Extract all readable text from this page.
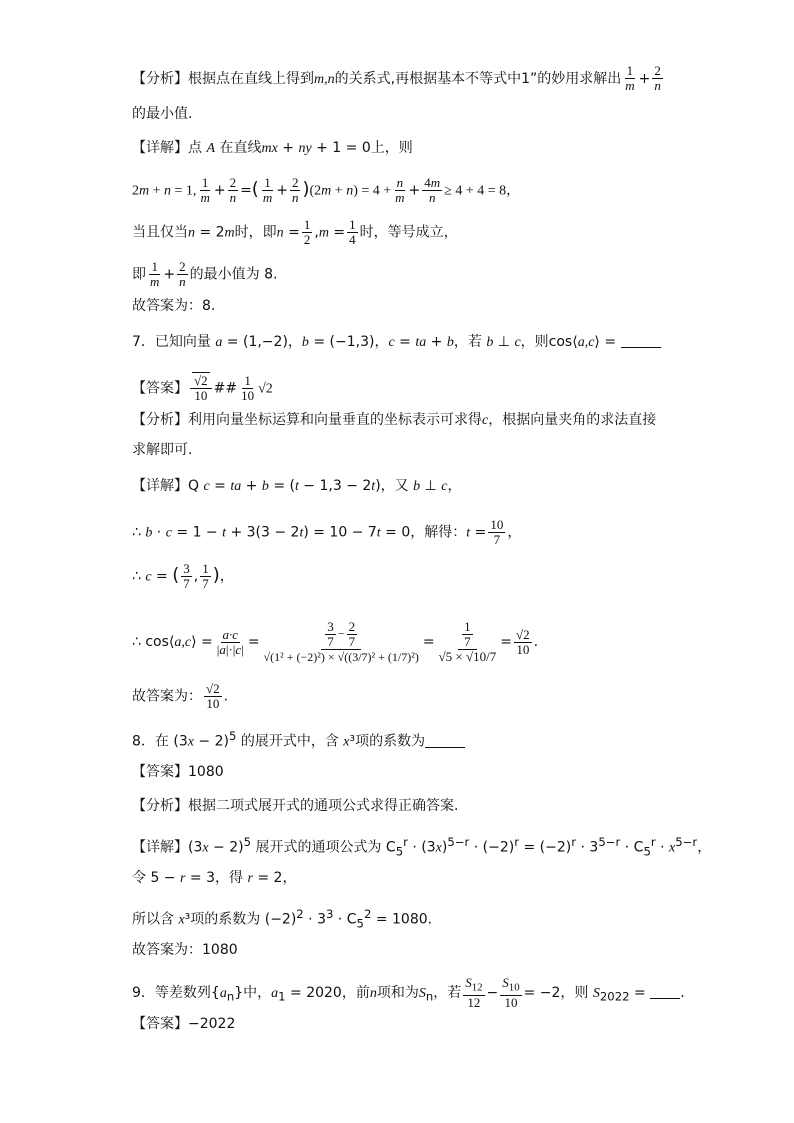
【分析】根据点在直线上得到m,n的关系式,再根据基本不等式中1”的妙用求解出 $\frac{1}{m} + \frac{2}{n}$
的最小值.
【详解】点 A 在直线mx + ny + 1 = 0上，则
2m + n = 1, $\frac{1}{m} + \frac{2}{n}$ =( $\frac{1}{m} + \frac{2}{n} )(2m + n) = 4 + \frac{n}{m} + \frac{4m}{n} \ge 4 + 4 = 8$，
当且仅当n = 2m时，即$n = \frac{1}{2} ,m = \frac{1}{4}$ 时，等号成立，
即 $\frac{1}{m} + \frac{2}{n}$ 的最小值为 8.
故答案为：8.
7．已知向量 a = (1,−2)，b = (−1,3)，c = ta + b，若 b ⊥ c，则cos⟨a,c⟩ =
【答案】 $\frac{√2}{10}$ ## $\frac{1}{10} √2$
【分析】利用向量坐标运算和向量垂直的坐标表示可求得c，根据向量夹角的求法直接
求解即可.
【详解】Q c = ta + b = (t − 1,3 − 2t)，又 b ⊥ c，
∴ b · c = 1 − t + 3(3 − 2t) = 10 − 7t = 0，解得：$t = \frac{10}{7}$ ，
∴ c = ( $\frac{3}{7}$ , $\frac{1}{7}$ )，
∴ cos⟨a,c⟩ = $\frac{a\cdot c}{|a|\cdot|c|} = \frac{\frac{3}{7} - \frac{2}{7}}{\text{√(1² + (−2)²) × √((3/7)² + (1/7)²)}} = \frac{\frac{1}{7}}{√5 \times √10/7} = \frac{√2}{10}$ .
故答案为： $\frac{√2}{10}$ .
8．在 $(3x - 2)^5$ 的展开式中，含 x³项的系数为
【答案】1080
【分析】根据二项式展开式的通项公式求得正确答案.
【详解】$(3x - 2)^5$ 展开式的通项公式为 $C_5^r \cdot (3x)^{5-r} \cdot (-2)^r = (-2)^r \cdot 3^{5-r} \cdot C_5^r \cdot x^{5-r}$，
令 5 − r = 3，得 r = 2，
所以含 x³项的系数为 $(-2)^2 \cdot 3^3 \cdot C_5^2 = 1080$.
故答案为：1080
9．等差数列$\{a_n\}$中，$a_1 = 2020$，前n项和为$S_n$，若 $\frac{S_{12}}{12} - \frac{S_{10}}{10} = -2$，则 $S_{2022}$ = .
【答案】−2022
